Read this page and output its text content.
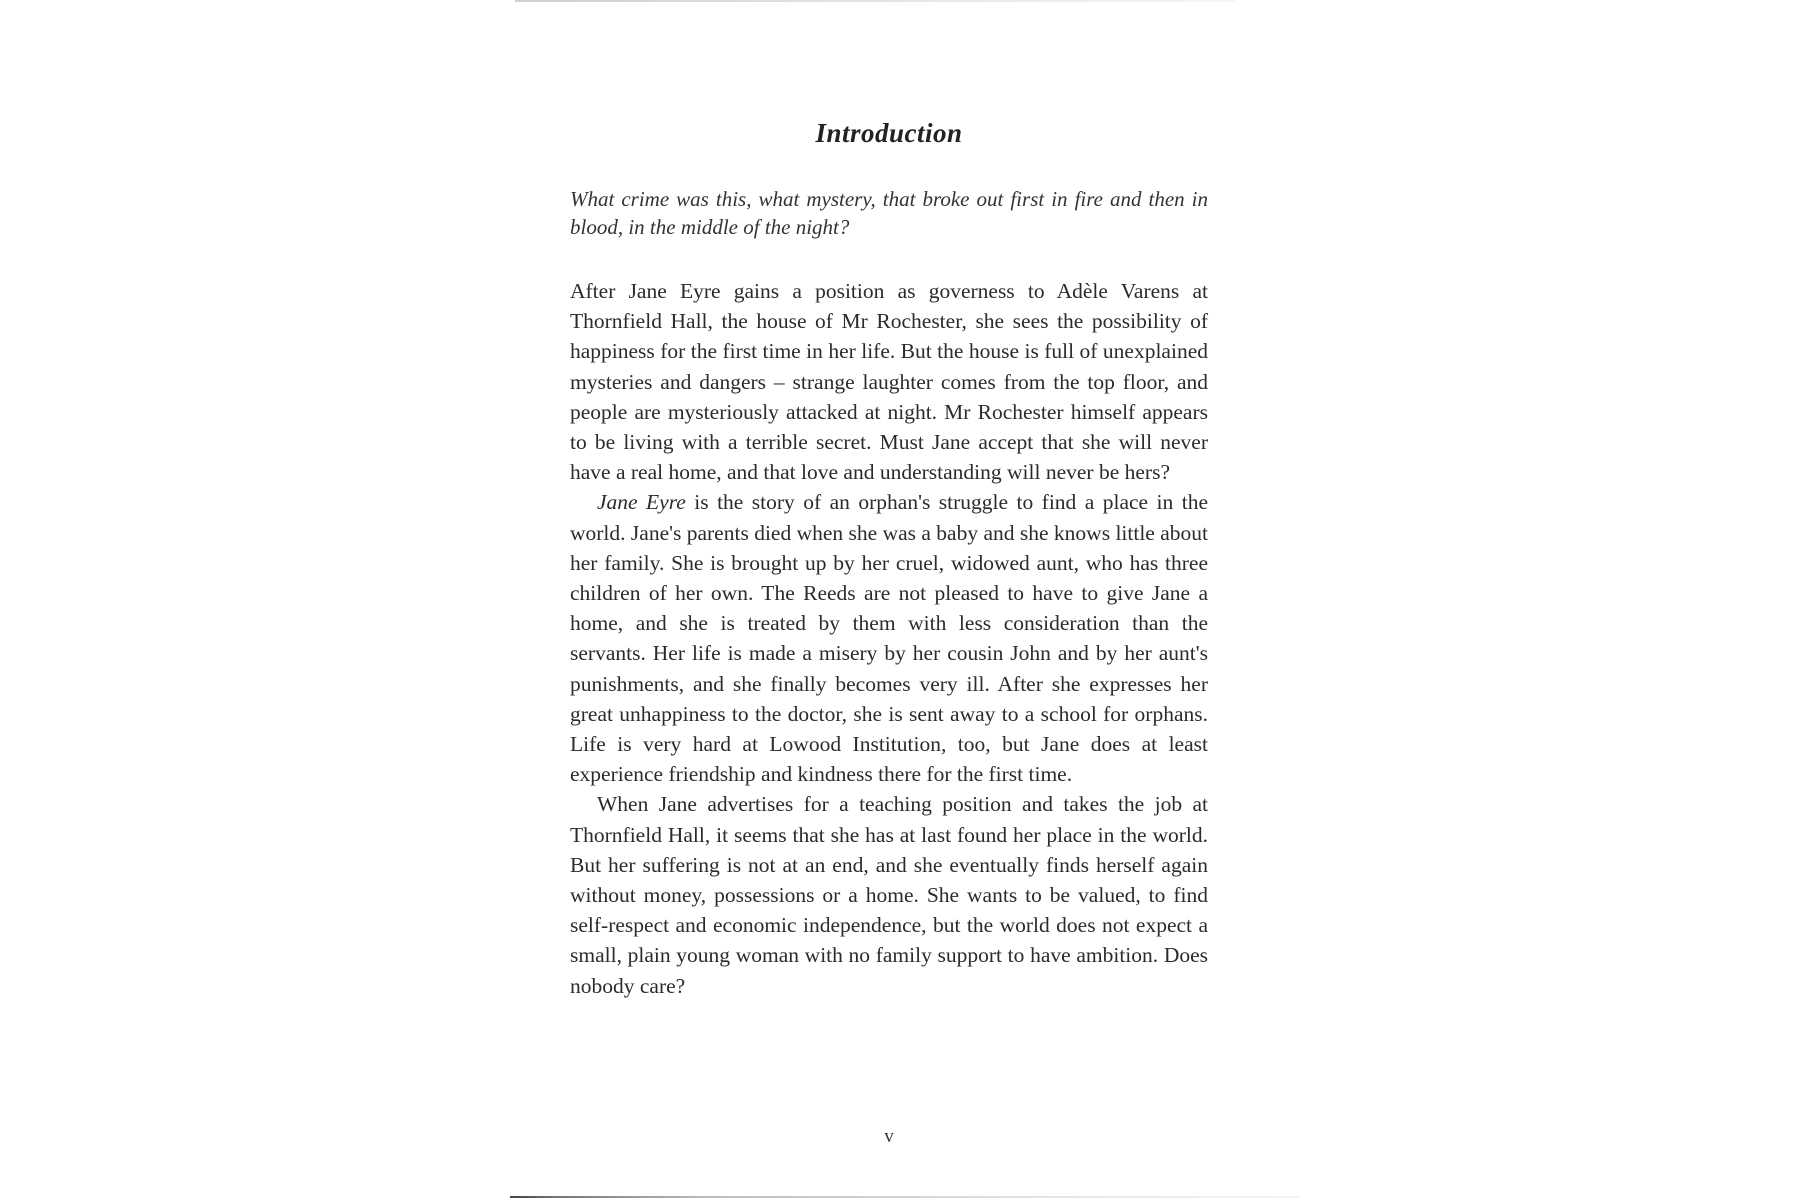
Introduction
What crime was this, what mystery, that broke out first in fire and then in blood, in the middle of the night?

After Jane Eyre gains a position as governess to Adèle Varens at Thornfield Hall, the house of Mr Rochester, she sees the possibility of happiness for the first time in her life. But the house is full of unexplained mysteries and dangers – strange laughter comes from the top floor, and people are mysteriously attacked at night. Mr Rochester himself appears to be living with a terrible secret. Must Jane accept that she will never have a real home, and that love and understanding will never be hers?

Jane Eyre is the story of an orphan's struggle to find a place in the world. Jane's parents died when she was a baby and she knows little about her family. She is brought up by her cruel, widowed aunt, who has three children of her own. The Reeds are not pleased to have to give Jane a home, and she is treated by them with less consideration than the servants. Her life is made a misery by her cousin John and by her aunt's punishments, and she finally becomes very ill. After she expresses her great unhappiness to the doctor, she is sent away to a school for orphans. Life is very hard at Lowood Institution, too, but Jane does at least experience friendship and kindness there for the first time.

When Jane advertises for a teaching position and takes the job at Thornfield Hall, it seems that she has at last found her place in the world. But her suffering is not at an end, and she eventually finds herself again without money, possessions or a home. She wants to be valued, to find self-respect and economic independence, but the world does not expect a small, plain young woman with no family support to have ambition. Does nobody care?

v
